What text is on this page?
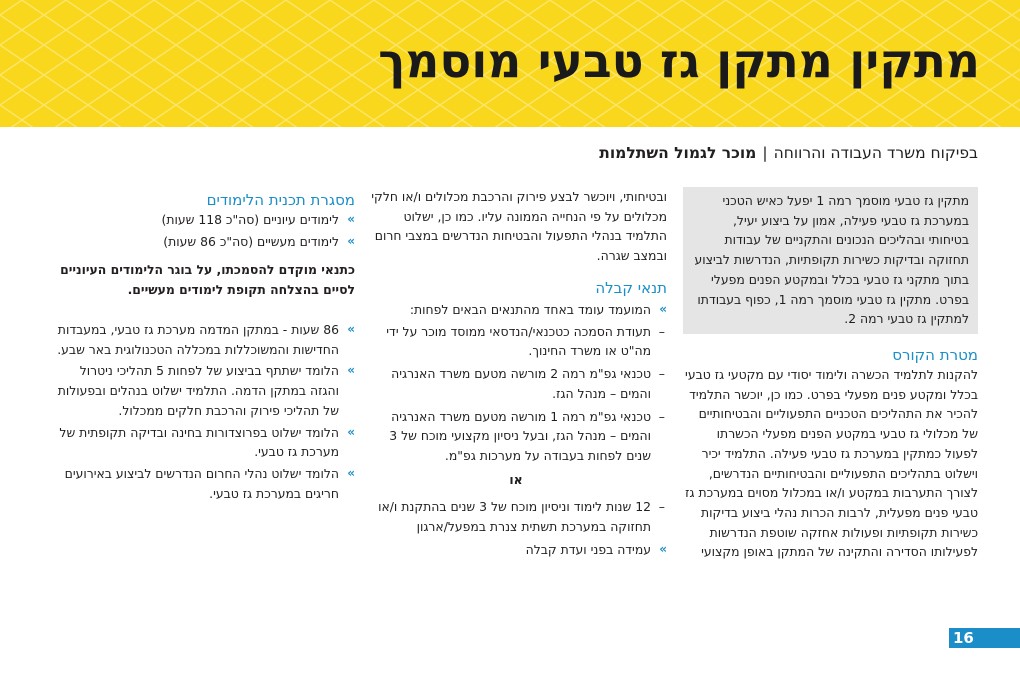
מתקין מתקן גז טבעי מוסמך
בפיקוח משרד העבודה והרווחה|מוכר לגמול השתלמות

מתקין גז טבעי מוסמך רמה 1 יפעל כאיש הטכני במערכת גז טבעי פעילה, אמון על ביצוע יעיל, בטיחותי ובהליכים הנכונים והתקניים של עבודות תחזוקה ובדיקות כשירות תקופתיות, הנדרשות לביצוע בתוך מתקני גז טבעי בכלל ובמקטע הפנים מפעלי בפרט. מתקין גז טבעי מוסמך רמה 1, כפוף בעבודתו למתקין גז טבעי רמה 2.

מטרת הקורס

להקנות לתלמיד הכשרה ולימוד יסודי עם מקטעי גז טבעי בכלל ומקטע פנים מפעלי בפרט. כמו כן, יוכשר התלמיד להכיר את התהליכים הטכניים התפעוליים והבטיחותיים של מכלולי גז טבעי במקטע הפנים מפעלי הכשרתו לפעול כמתקין במערכת גז טבעי פעילה. התלמיד יכיר וישלוט בתהליכים התפעוליים והבטיחותיים הנדרשים, לצורך התערבות במקטע ו/או במכלול מסוים במערכת גז טבעי פנים מפעלית, לרבות הכרות נהלי ביצוע בדיקות כשירות תקופתיות ופעולות אחזקה שוטפת הנדרשות לפעילותו הסדירה והתקינה של המתקן באופן מקצועי

ובטיחותי, ויוכשר לבצע פירוק והרכבת מכלולים ו/או חלקי מכלולים על פי הנחייה הממונה עליו. כמו כן, ישלוט התלמיד בנהלי התפעול והבטיחות הנדרשים במצבי חרום ובמצב שגרה.

תנאי קבלה
»
המועמד עומד באחד מהתנאים הבאים לפחות:
–
תעודת הסמכה כטכנאי/הנדסאי ממוסד מוכר על ידי מה"ט או משרד החינוך.
–
טכנאי גפ"מ רמה 2 מורשה מטעם משרד האנרגיה והמים – מנהל הגז.
–
טכנאי גפ"מ רמה 1 מורשה מטעם משרד האנרגיה והמים – מנהל הגז, ובעל ניסיון מקצועי מוכח של 3 שנים לפחות בעבודה על מערכות גפ"מ.
או
–
12 שנות לימוד וניסיון מוכח של 3 שנים בהתקנת ו/או תחזוקה במערכת תשתית צנרת במפעל/ארגון
»
עמידה בפני ועדת קבלה
מסגרת תכנית הלימודים
»
לימודים עיוניים (סה"כ 118 שעות)
»
לימודים מעשיים (סה"כ 86 שעות)

כתנאי מוקדם להסמכתו, על בוגר הלימודים העיוניים לסיים בהצלחה תקופת לימודים מעשיים.

»
86 שעות - במתקן המדמה מערכת גז טבעי, במעבדות החדישות והמשוכללות במכללה הטכנולוגית באר שבע.
»
הלומד ישתתף בביצוע של לפחות 5 תהליכי ניטרול והגזה במתקן הדמה. התלמיד ישלוט בנהלים ובפעולות של תהליכי פירוק והרכבת חלקים ממכלול.
»
הלומד ישלוט בפרוצדורות בחינה ובדיקה תקופתית של מערכת גז טבעי.
»
הלומד ישלוט נהלי החרום הנדרשים לביצוע באירועים חריגים במערכת גז טבעי.
16
